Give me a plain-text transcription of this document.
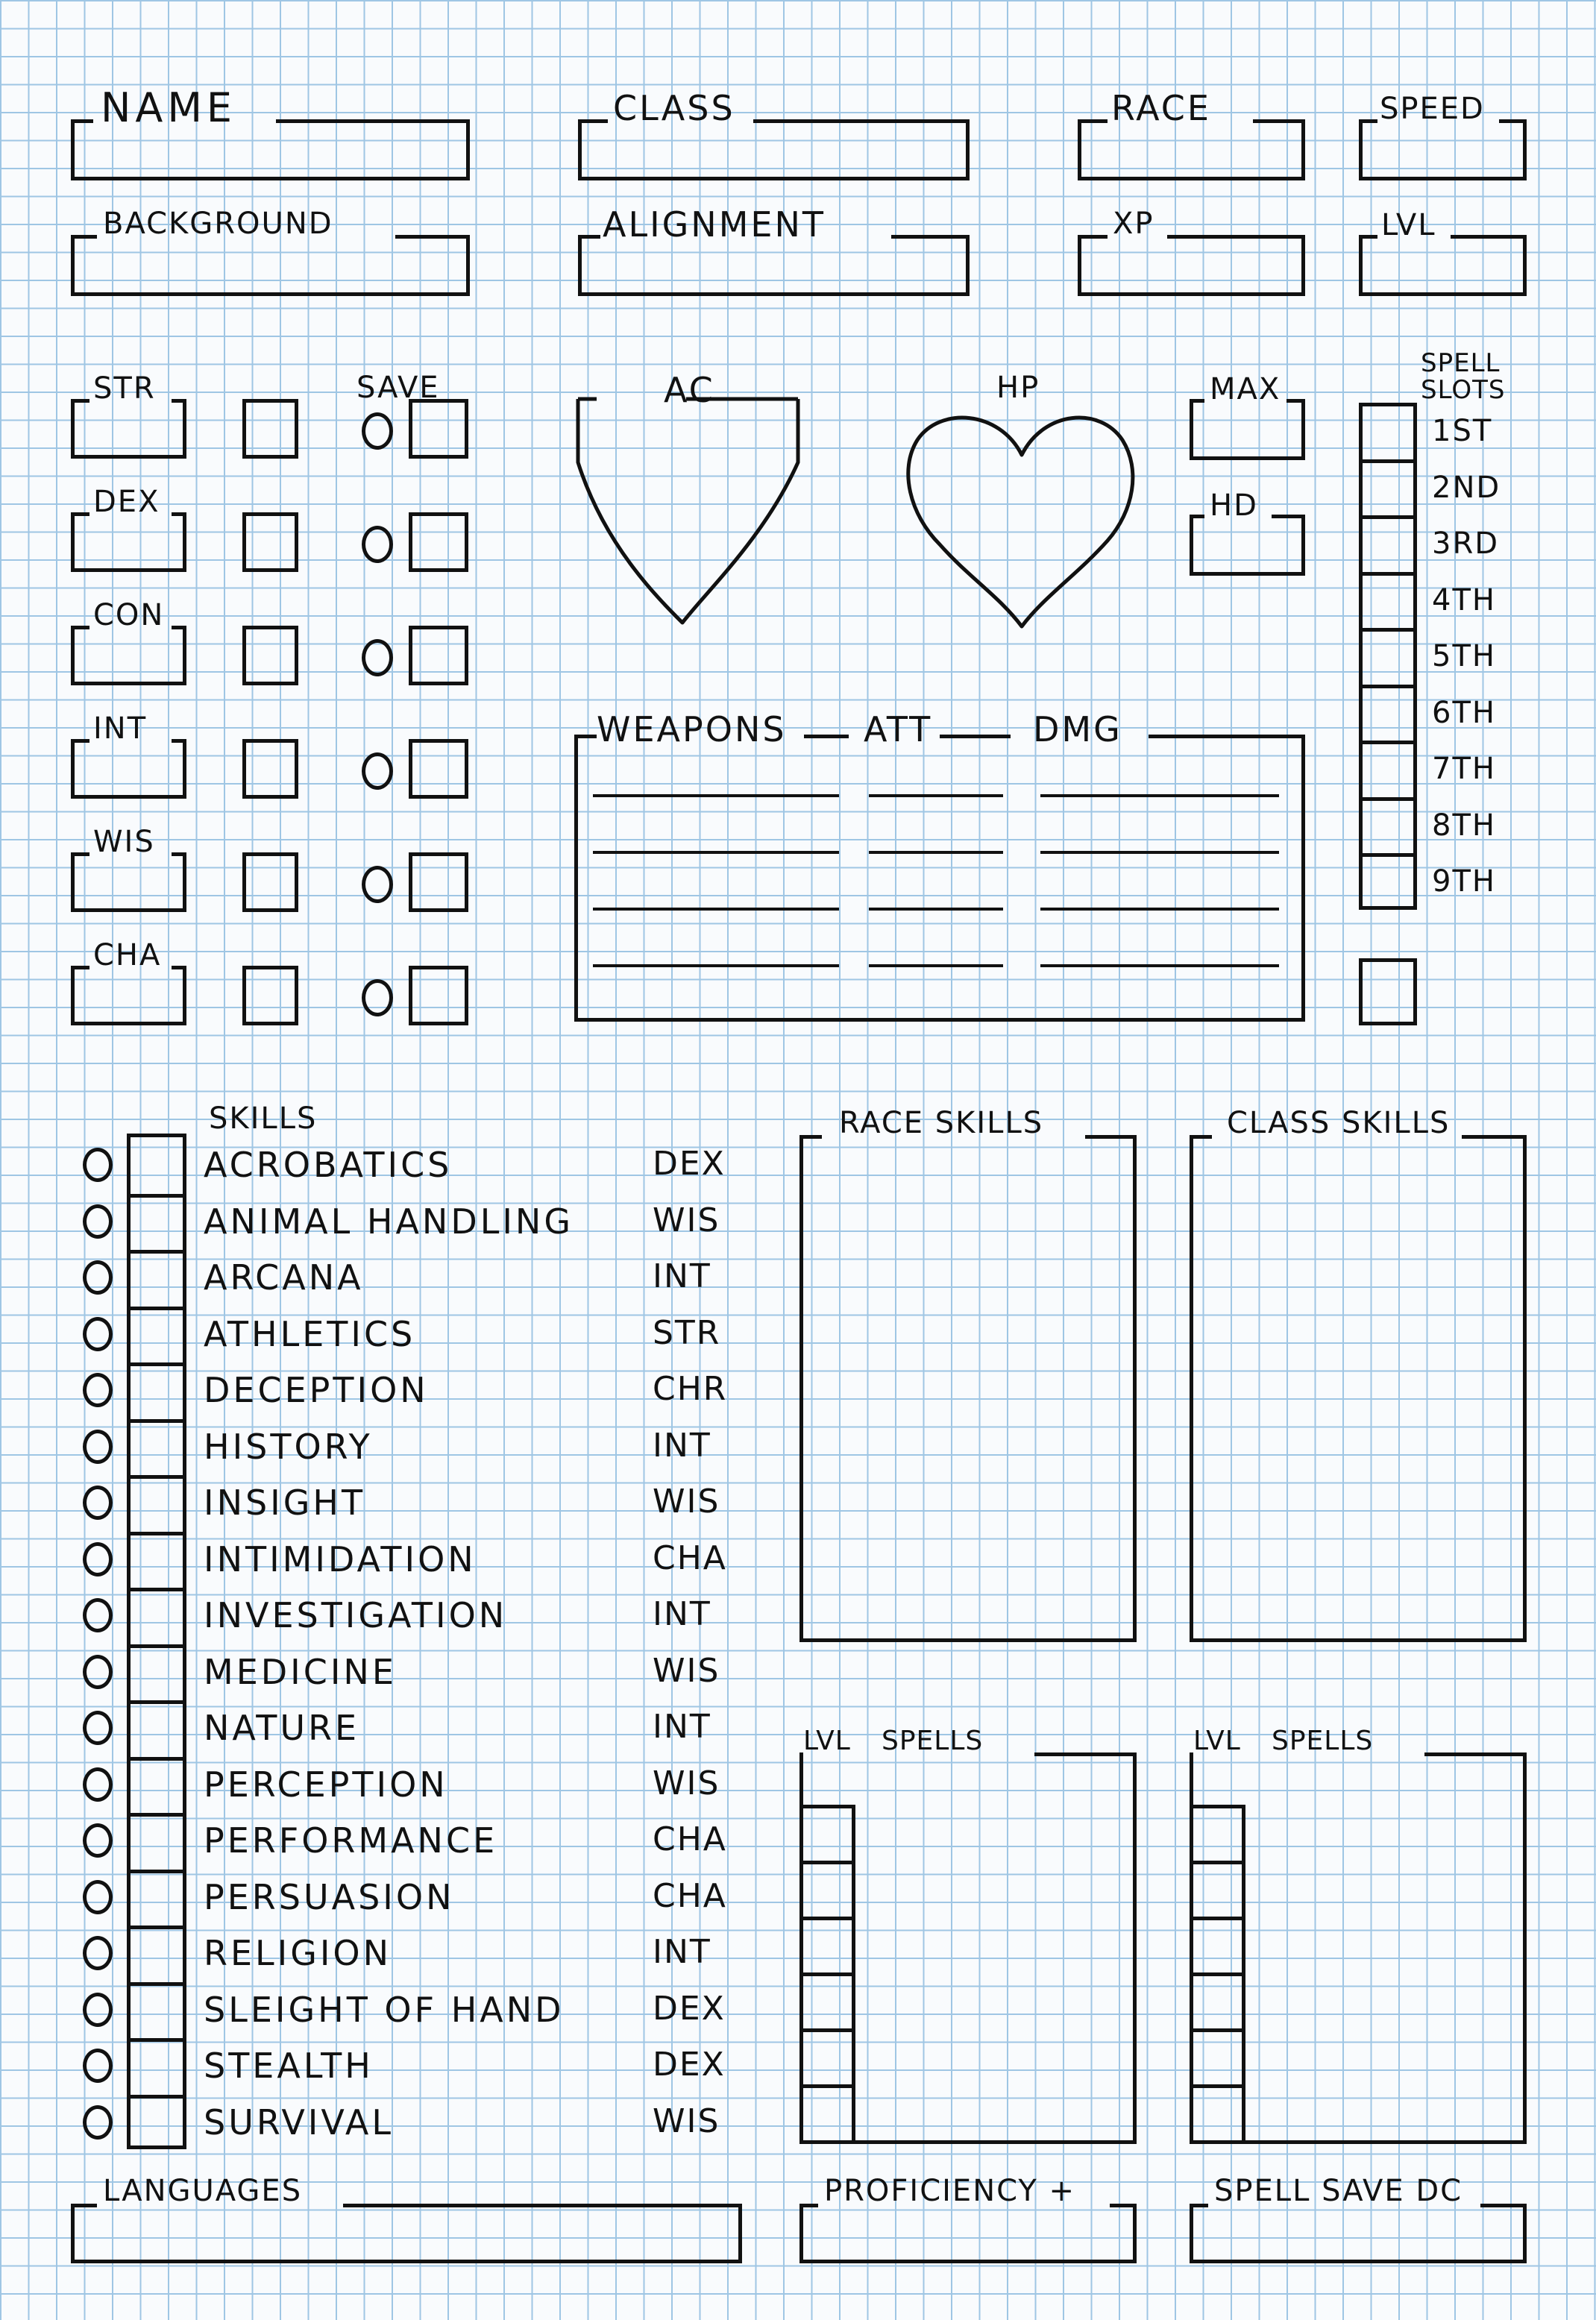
NAME	CLASS	RACE	SPEED
BACKGROUND	ALIGNMENT	XP	LVL
SAVE
STR
DEX
CON
INT
WIS
CHA
AC	HP	MAX
HD
SPELL SLOTS
1ST
2ND
3RD
4TH
5TH
6TH
7TH
8TH
9TH
WEAPONS ATT	DMG
SKILLS
ACROBATICS	DEX
ANIMAL HANDLING WIS
ARCANA	INT
ATHLETICS	STR
DECEPTION	CHR
HISTORY	INT
INSIGHT	WIS
INTIMIDATION	CHA
INVESTIGATION	INT
MEDICINE	WIS
NATURE	INT
PERCEPTION	WIS
PERFORMANCE	CHA
PERSUASION	CHA
RELIGION	INT
SLEIGHT OF HAND	DEX
STEALTH	DEX
SURVIVAL	WIS
RACE SKILLS	CLASS SKILLS
LVL SPELLS	LVL SPELLS
LANGUAGES	PROFICIENCY +	SPELL SAVE DC
